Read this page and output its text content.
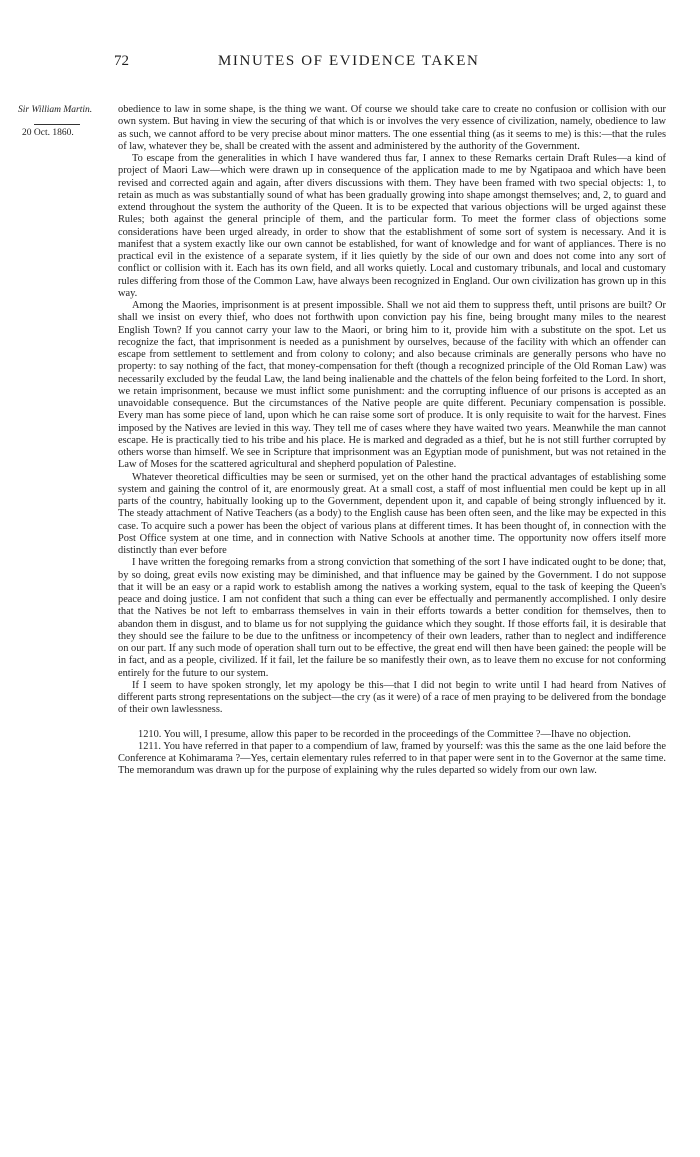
72	MINUTES OF EVIDENCE TAKEN
Sir William Martin.
20 Oct. 1860.

obedience to law in some shape, is the thing we want. Of course we should take care to create no confusion or collision with our own system. But having in view the securing of that which is or involves the very essence of civilization, namely, obedience to law as such, we cannot afford to be very precise about minor matters. The one essential thing (as it seems to me) is this:—that the rules of law, whatever they be, shall be created with the assent and administered by the authority of the Government.

To escape from the generalities in which I have wandered thus far, I annex to these Remarks certain Draft Rules—a kind of project of Maori Law—which were drawn up in consequence of the application made to me by Ngatipaoa and which have been revised and corrected again and again, after divers discussions with them. They have been framed with two special objects: 1, to retain as much as was substantially sound of what has been gradually growing into shape amongst themselves; and, 2, to guard and extend throughout the system the authority of the Queen. It is to be expected that various objections will be urged against these Rules; both against the general principle of them, and the particular form. To meet the former class of objections some considerations have been urged already, in order to show that the establishment of some sort of system is necessary. And it is manifest that a system exactly like our own cannot be established, for want of knowledge and for want of appliances. There is no practical evil in the existence of a separate system, if it lies quietly by the side of our own and does not come into any sort of conflict or collision with it. Each has its own field, and all works quietly. Local and customary tribunals, and local and customary rules differing from those of the Common Law, have always been recognized in England. Our own civilization has grown up in this way.

Among the Maories, imprisonment is at present impossible. Shall we not aid them to suppress theft, until prisons are built? Or shall we insist on every thief, who does not forthwith upon conviction pay his fine, being brought many miles to the nearest English Town? If you cannot carry your law to the Maori, or bring him to it, provide him with a substitute on the spot. Let us recognize the fact, that imprisonment is needed as a punishment by ourselves, because of the facility with which an offender can escape from settlement to settlement and from colony to colony; and also because criminals are generally persons who have no property: to say nothing of the fact, that money-compensation for theft (though a recognized principle of the Old Roman Law) was necessarily excluded by the feudal Law, the land being inalienable and the chattels of the felon being forfeited to the Lord. In short, we retain imprisonment, because we must inflict some punishment: and the corrupting influence of our prisons is accepted as an unavoidable consequence. But the circumstances of the Native people are quite different. Pecuniary compensation is possible. Every man has some piece of land, upon which he can raise some sort of produce. It is only requisite to wait for the harvest. Fines imposed by the Natives are levied in this way. They tell me of cases where they have waited two years. Meanwhile the man cannot escape. He is practically tied to his tribe and his place. He is marked and degraded as a thief, but he is not still further corrupted by others worse than himself. We see in Scripture that imprisonment was an Egyptian mode of punishment, but was not retained in the Law of Moses for the scattered agricultural and shepherd population of Palestine.

Whatever theoretical difficulties may be seen or surmised, yet on the other hand the practical advantages of establishing some system and gaining the control of it, are enormously great. At a small cost, a staff of most influential men could be kept up in all parts of the country, habitually looking up to the Government, dependent upon it, and capable of being strongly influenced by it. The steady attachment of Native Teachers (as a body) to the English cause has been often seen, and the like may be expected in this case. To acquire such a power has been the object of various plans at different times. It has been thought of, in connection with the Post Office system at one time, and in connection with Native Schools at another time. The opportunity now offers itself more distinctly than ever before

I have written the foregoing remarks from a strong conviction that something of the sort I have indicated ought to be done; that, by so doing, great evils now existing may be diminished, and that influence may be gained by the Government. I do not suppose that it will be an easy or a rapid work to establish among the natives a working system, equal to the task of keeping the Queen's peace and doing justice. I am not confident that such a thing can ever be effectually and permanently accomplished. I only desire that the Natives be not left to embarrass themselves in vain in their efforts towards a better condition for themselves, then to abandon them in disgust, and to blame us for not supplying the guidance which they sought. If those efforts fail, it is desirable that they should see the failure to be due to the unfitness or incompetency of their own leaders, rather than to neglect and indifference on our part. If any such mode of operation shall turn out to be effective, the great end will then have been gained: the people will be in fact, and as a people, civilized. If it fail, let the failure be so manifestly their own, as to leave them no excuse for not conforming entirely for the future to our system.

If I seem to have spoken strongly, let my apology be this—that I did not begin to write until I had heard from Natives of different parts strong representations on the subject—the cry (as it were) of a race of men praying to be delivered from the bondage of their own lawlessness.

1210. You will, I presume, allow this paper to be recorded in the proceedings of the Committee ?—Ihave no objection.

1211. You have referred in that paper to a compendium of law, framed by yourself: was this the same as the one laid before the Conference at Kohimarama ?—Yes, certain elementary rules referred to in that paper were sent in to the Governor at the same time. The memorandum was drawn up for the purpose of explaining why the rules departed so widely from our own law.
